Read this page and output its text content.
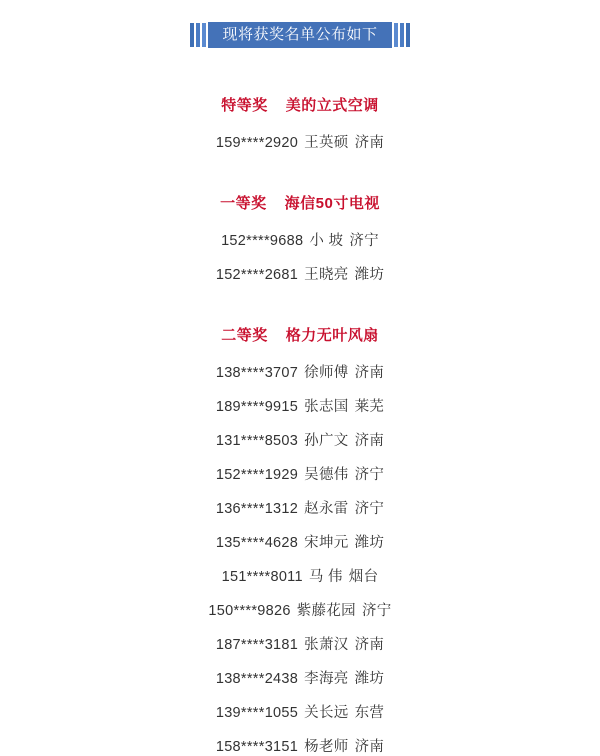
现将获奖名单公布如下
特等奖 美的立式空调
159****2920 王英硕 济南
一等奖 海信50寸电视
152****9688 小 坡 济宁
152****2681 王晓亮 潍坊
二等奖 格力无叶风扇
138****3707 徐师傅 济南
189****9915 张志国 莱芜
131****8503 孙广文 济南
152****1929 吴德伟 济宁
136****1312 赵永雷 济宁
135****4628 宋坤元 潍坊
151****8011 马 伟 烟台
150****9826 紫藤花园 济宁
187****3181 张萧汉 济南
138****2438 李海亮 潍坊
139****1055 关长远 东营
158****3151 杨老师 济南
